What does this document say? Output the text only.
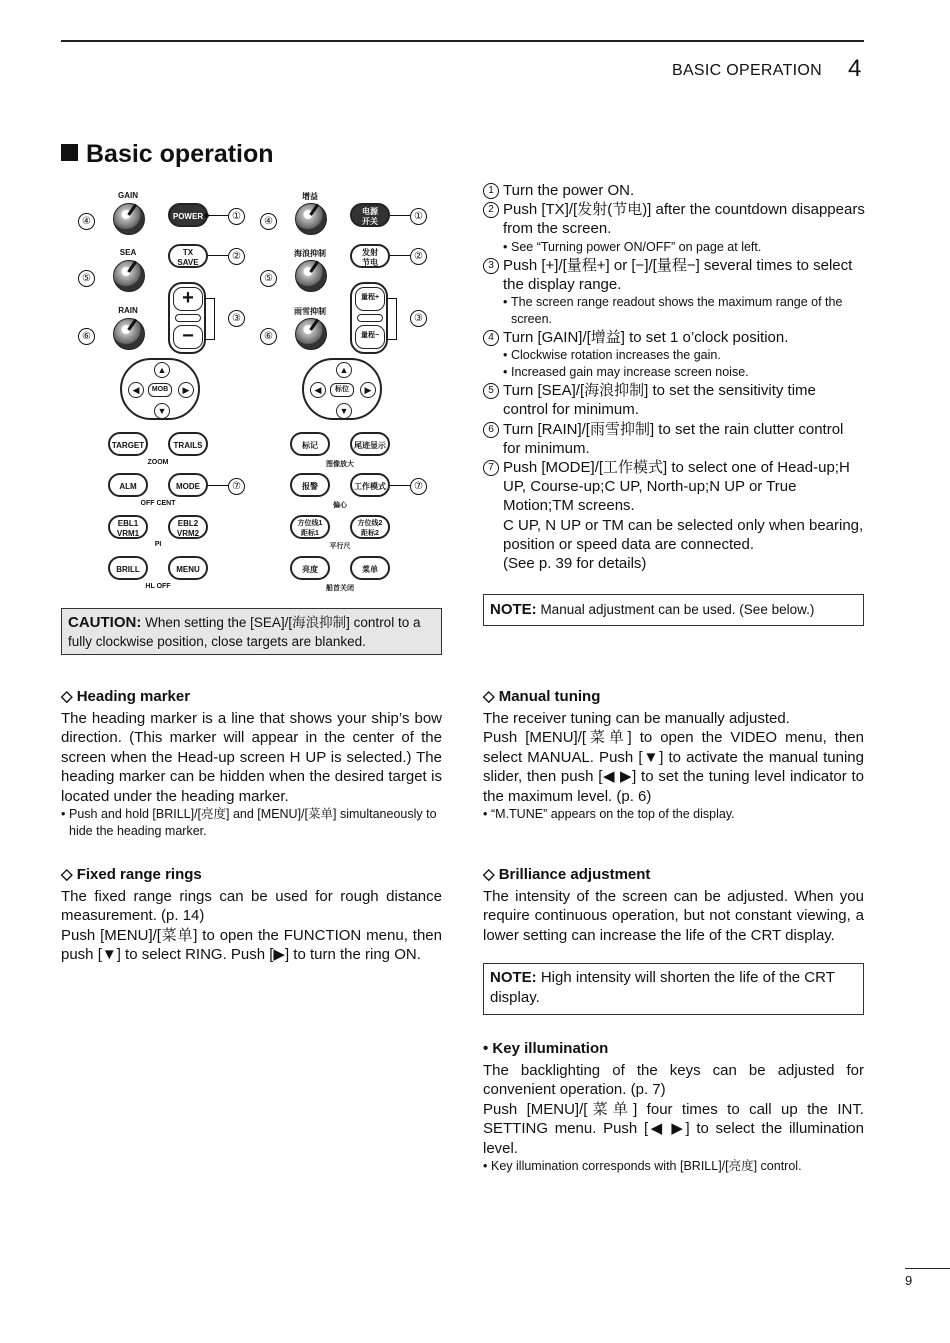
BASIC OPERATION 4
Basic operation
GAIN
④
SEA
⑤
RAIN
⑥
POWER	①
TX
SAVE
②
+
−
③
▲
▼
◀	▶
MOB
TARGET	TRAILS
ZOOM
ALM	MODE	⑦
OFF CENT
EBL1
VRM1
EBL2
VRM2
PI
BRILL	MENU
HL OFF
增益
④
海浪抑制
⑤
雨雪抑制
⑥
电源
开关	①
发射
节电
②
量程+
量程−
③
▲
▼
◀	▶
标位
标记	尾迹显示
图像放大
报警	工作模式	⑦
偏心
方位线1
距标1
方位线2
距标2
平行尺
亮度	菜单
船首关闭
1 Turn the power ON.
2 Push [TX]/[发射(节电)] after the countdown disappears from the screen.
• See “Turning power ON/OFF” on page at left.
3 Push [+]/[量程+] or [−]/[量程−] several times to select the display range.
• The screen range readout shows the maximum range of the screen.
4 Turn [GAIN]/[增益] to set 1 o’clock position.
• Clockwise rotation increases the gain.
• Increased gain may increase screen noise.
5 Turn [SEA]/[海浪抑制] to set the sensitivity time control for minimum.
6 Turn [RAIN]/[雨雪抑制] to set the rain clutter control for minimum.
7 Push [MODE]/[工作模式] to select one of Head-up;H UP, Course-up;C UP, North-up;N UP or True Motion;TM screens.
C UP, N UP or TM can be selected only when bearing, position or speed data are connected.
(See p. 39 for details)
NOTE: Manual adjustment can be used. (See below.)
CAUTION: When setting the [SEA]/[海浪抑制] control to a fully clockwise position, close targets are blanked.
◇ Heading marker
The heading marker is a line that shows your ship’s bow direction. (This marker will appear in the center of the screen when the Head-up screen H UP is selected.) The heading marker can be hidden when the desired target is located under the heading marker.
• Push and hold [BRILL]/[亮度] and [MENU]/[菜单] simultaneously to hide the heading marker.
◇ Fixed range rings
The fixed range rings can be used for rough distance measurement. (p. 14)
Push [MENU]/[菜单] to open the FUNCTION menu, then push [▼] to select RING. Push [▶] to turn the ring ON.
◇ Manual tuning
The receiver tuning can be manually adjusted.
Push [MENU]/[菜单] to open the VIDEO menu, then select MANUAL. Push [▼] to activate the manual tuning slider, then push [◀ ▶] to set the tuning level indicator to the maximum level. (p. 6)
• “M.TUNE” appears on the top of the display.
◇ Brilliance adjustment
The intensity of the screen can be adjusted. When you require continuous operation, but not constant viewing, a lower setting can increase the life of the CRT display.
NOTE: High intensity will shorten the life of the CRT display.
• Key illumination
The backlighting of the keys can be adjusted for convenient operation. (p. 7)
Push [MENU]/[菜单] four times to call up the INT. SETTING menu. Push [◀ ▶] to select the illumination level.
• Key illumination corresponds with [BRILL]/[亮度] control.
9
